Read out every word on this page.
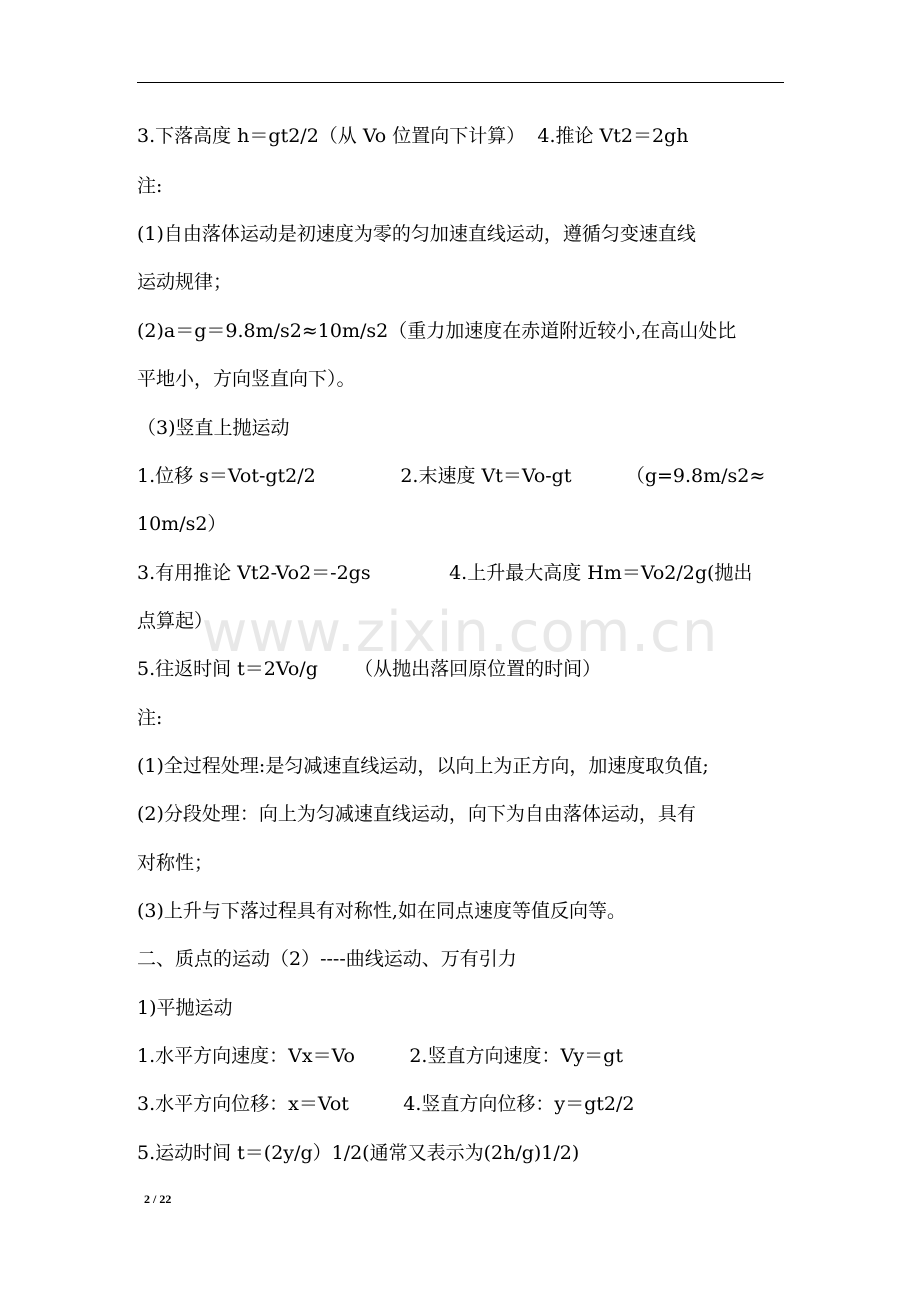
3.下落高度 h＝gt2/2（从 Vo 位置向下计算）  4.推论 Vt2＝2gh
注:
(1)自由落体运动是初速度为零的匀加速直线运动，遵循匀变速直线
运动规律；
(2)a＝g＝9.8m/s2≈10m/s2（重力加速度在赤道附近较小,在高山处比
平地小，方向竖直向下）。
（3)竖直上抛运动
1.位移 s＝Vot-gt2/2              2.末速度 Vt＝Vo-gt         （g=9.8m/s2≈
10m/s2）
3.有用推论 Vt2-Vo2＝-2gs             4.上升最大高度 Hm＝Vo2/2g(抛出
点算起）
5.往返时间 t＝2Vo/g      （从抛出落回原位置的时间）
注:
(1)全过程处理:是匀减速直线运动，以向上为正方向，加速度取负值;
(2)分段处理：向上为匀减速直线运动，向下为自由落体运动，具有
对称性；
(3)上升与下落过程具有对称性,如在同点速度等值反向等。
二、质点的运动（2）----曲线运动、万有引力
1)平抛运动
1.水平方向速度：Vx＝Vo         2.竖直方向速度：Vy＝gt
3.水平方向位移：x＝Vot         4.竖直方向位移：y＝gt2/2
5.运动时间 t＝(2y/g）1/2(通常又表示为(2h/g)1/2)
www.zixin.com.cn
2 / 22
